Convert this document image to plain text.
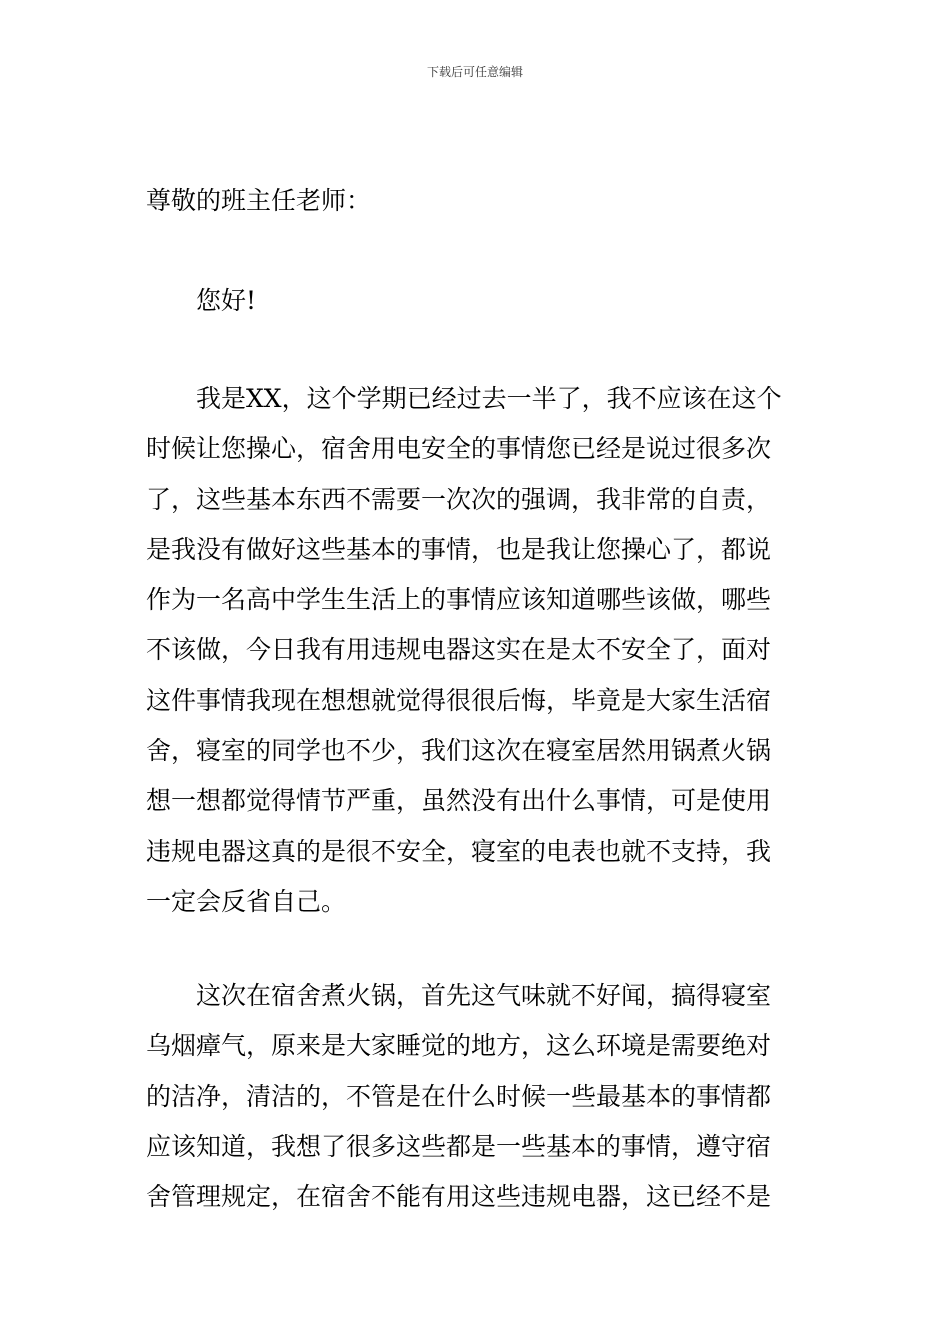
下载后可任意编辑
尊敬的班主任老师：
您好!
我是XX，这个学期已经过去一半了，我不应该在这个
时候让您操心，宿舍用电安全的事情您已经是说过很多次
了，这些基本东西不需要一次次的强调，我非常的自责，
是我没有做好这些基本的事情，也是我让您操心了，都说
作为一名高中学生生活上的事情应该知道哪些该做，哪些
不该做，今日我有用违规电器这实在是太不安全了，面对
这件事情我现在想想就觉得很很后悔，毕竟是大家生活宿
舍，寝室的同学也不少，我们这次在寝室居然用锅煮火锅
想一想都觉得情节严重，虽然没有出什么事情，可是使用
违规电器这真的是很不安全，寝室的电表也就不支持，我
一定会反省自己。
这次在宿舍煮火锅，首先这气味就不好闻，搞得寝室
乌烟瘴气，原来是大家睡觉的地方，这么环境是需要绝对
的洁净，清洁的，不管是在什么时候一些最基本的事情都
应该知道，我想了很多这些都是一些基本的事情，遵守宿
舍管理规定，在宿舍不能有用这些违规电器，这已经不是
